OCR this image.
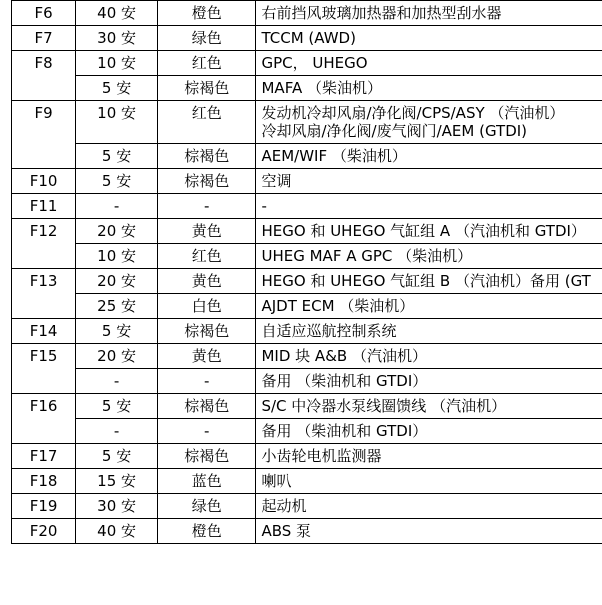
F6	40 安	橙色	右前挡风玻璃加热器和加热型刮水器

F7	30 安	绿色	TCCM (AWD)

F8	10 安	红色	GPC， UHEGO

	5 安	棕褐色	MAFA （柴油机）

F9	10 安	红色	发动机冷却风扇/净化阀/CPS/ASY （汽油机）
冷却风扇/净化阀/废气阀门/AEM (GTDI)

	5 安	棕褐色	AEM/WIF （柴油机）

F10	5 安	棕褐色	空调

F11	-	-	-

F12	20 安	黄色	HEGO 和 UHEGO 气缸组 A （汽油机和 GTDI）

	10 安	红色	UHEG MAF A GPC （柴油机）

F13	20 安	黄色	HEGO 和 UHEGO 气缸组 B （汽油机）备用 (GT

	25 安	白色	AJDT ECM （柴油机）

F14	5 安	棕褐色	自适应巡航控制系统

F15	20 安	黄色	MID 块 A&B （汽油机）

	-	-	备用 （柴油机和 GTDI）

F16	5 安	棕褐色	S/C 中冷器水泵线圈馈线 （汽油机）

	-	-	备用 （柴油机和 GTDI）

F17	5 安	棕褐色	小齿轮电机监测器

F18	15 安	蓝色	喇叭

F19	30 安	绿色	起动机

F20	40 安	橙色	ABS 泵
